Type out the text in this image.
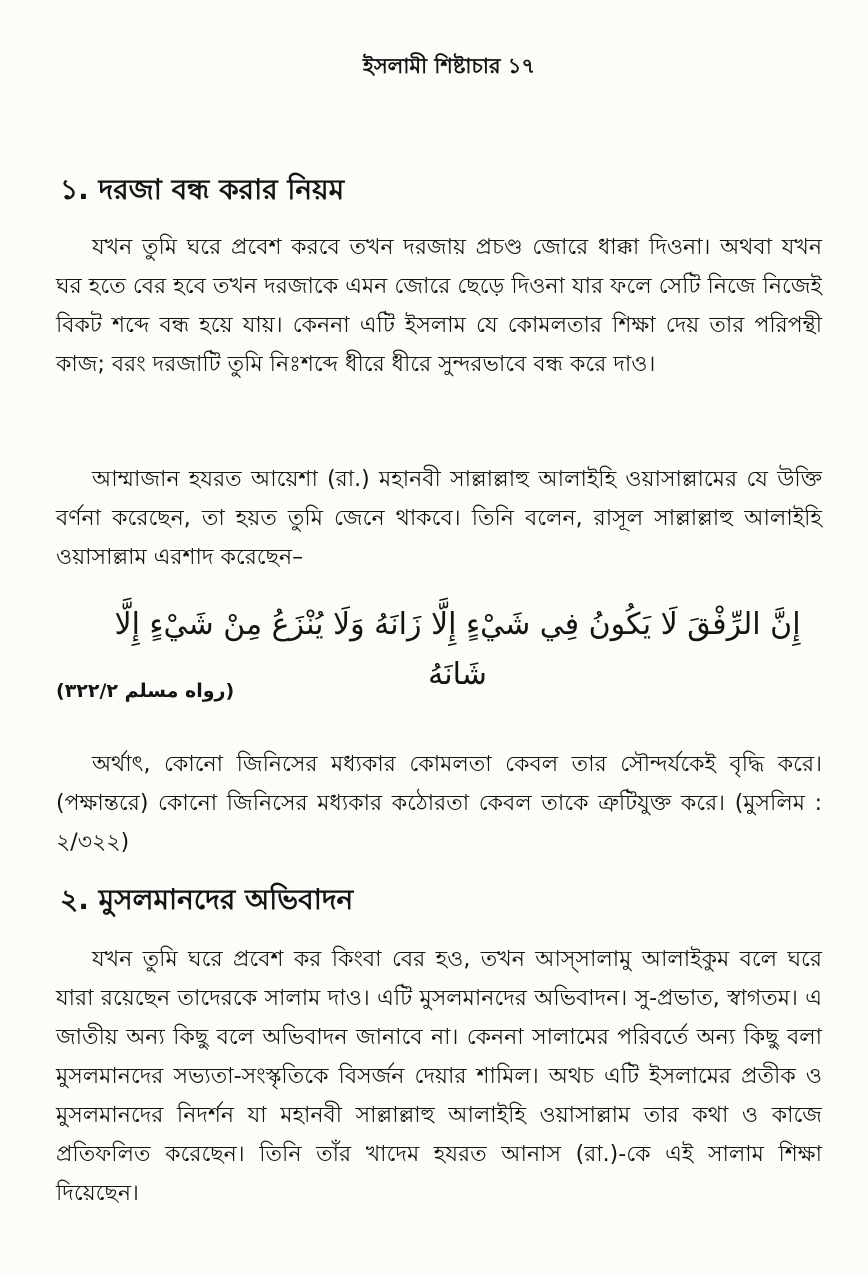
ইসলামী শিষ্টাচার ১৭
১. দরজা বন্ধ করার নিয়ম

যখন তুমি ঘরে প্রবেশ করবে তখন দরজায় প্রচণ্ড জোরে ধাক্কা দিওনা। অথবা যখন ঘর হতে বের হবে তখন দরজাকে এমন জোরে ছেড়ে দিওনা যার ফলে সেটি নিজে নিজেই বিকট শব্দে বন্ধ হয়ে যায়। কেননা এটি ইসলাম যে কোমলতার শিক্ষা দেয় তার পরিপন্থী কাজ; বরং দরজাটি তুমি নিঃশব্দে ধীরে ধীরে সুন্দরভাবে বন্ধ করে দাও।

আম্মাজান হযরত আয়েশা (রা.) মহানবী সাল্লাল্লাহু আলাইহি ওয়াসাল্লামের যে উক্তি বর্ণনা করেছেন, তা হয়ত তুমি জেনে থাকবে। তিনি বলেন, রাসূল সাল্লাল্লাহু আলাইহি ওয়াসাল্লাম এরশাদ করেছেন–

إِنَّ الرِّفْقَ لَا يَكُونُ فِي شَيْءٍ إِلَّا زَانَهُ وَلَا يُنْزَعُ مِنْ شَيْءٍ إِلَّا شَانَهُ

(رواه مسلم ٣٢٢/٢)

অর্থাৎ, কোনো জিনিসের মধ্যকার কোমলতা কেবল তার সৌন্দর্যকেই বৃদ্ধি করে। (পক্ষান্তরে) কোনো জিনিসের মধ্যকার কঠোরতা কেবল তাকে ত্রুটিযুক্ত করে। (মুসলিম : ২/৩২২)

২. মুসলমানদের অভিবাদন

যখন তুমি ঘরে প্রবেশ কর কিংবা বের হও, তখন আস্‌সালামু আলাইকুম বলে ঘরে যারা রয়েছেন তাদেরকে সালাম দাও। এটি মুসলমানদের অভিবাদন। সু-প্রভাত, স্বাগতম। এ জাতীয় অন্য কিছু বলে অভিবাদন জানাবে না। কেননা সালামের পরিবর্তে অন্য কিছু বলা মুসলমানদের সভ্যতা-সংস্কৃতিকে বিসর্জন দেয়ার শামিল। অথচ এটি ইসলামের প্রতীক ও মুসলমানদের নিদর্শন যা মহানবী সাল্লাল্লাহু আলাইহি ওয়াসাল্লাম তার কথা ও কাজে প্রতিফলিত করেছেন। তিনি তাঁর খাদেম হযরত আনাস (রা.)-কে এই সালাম শিক্ষা দিয়েছেন।
